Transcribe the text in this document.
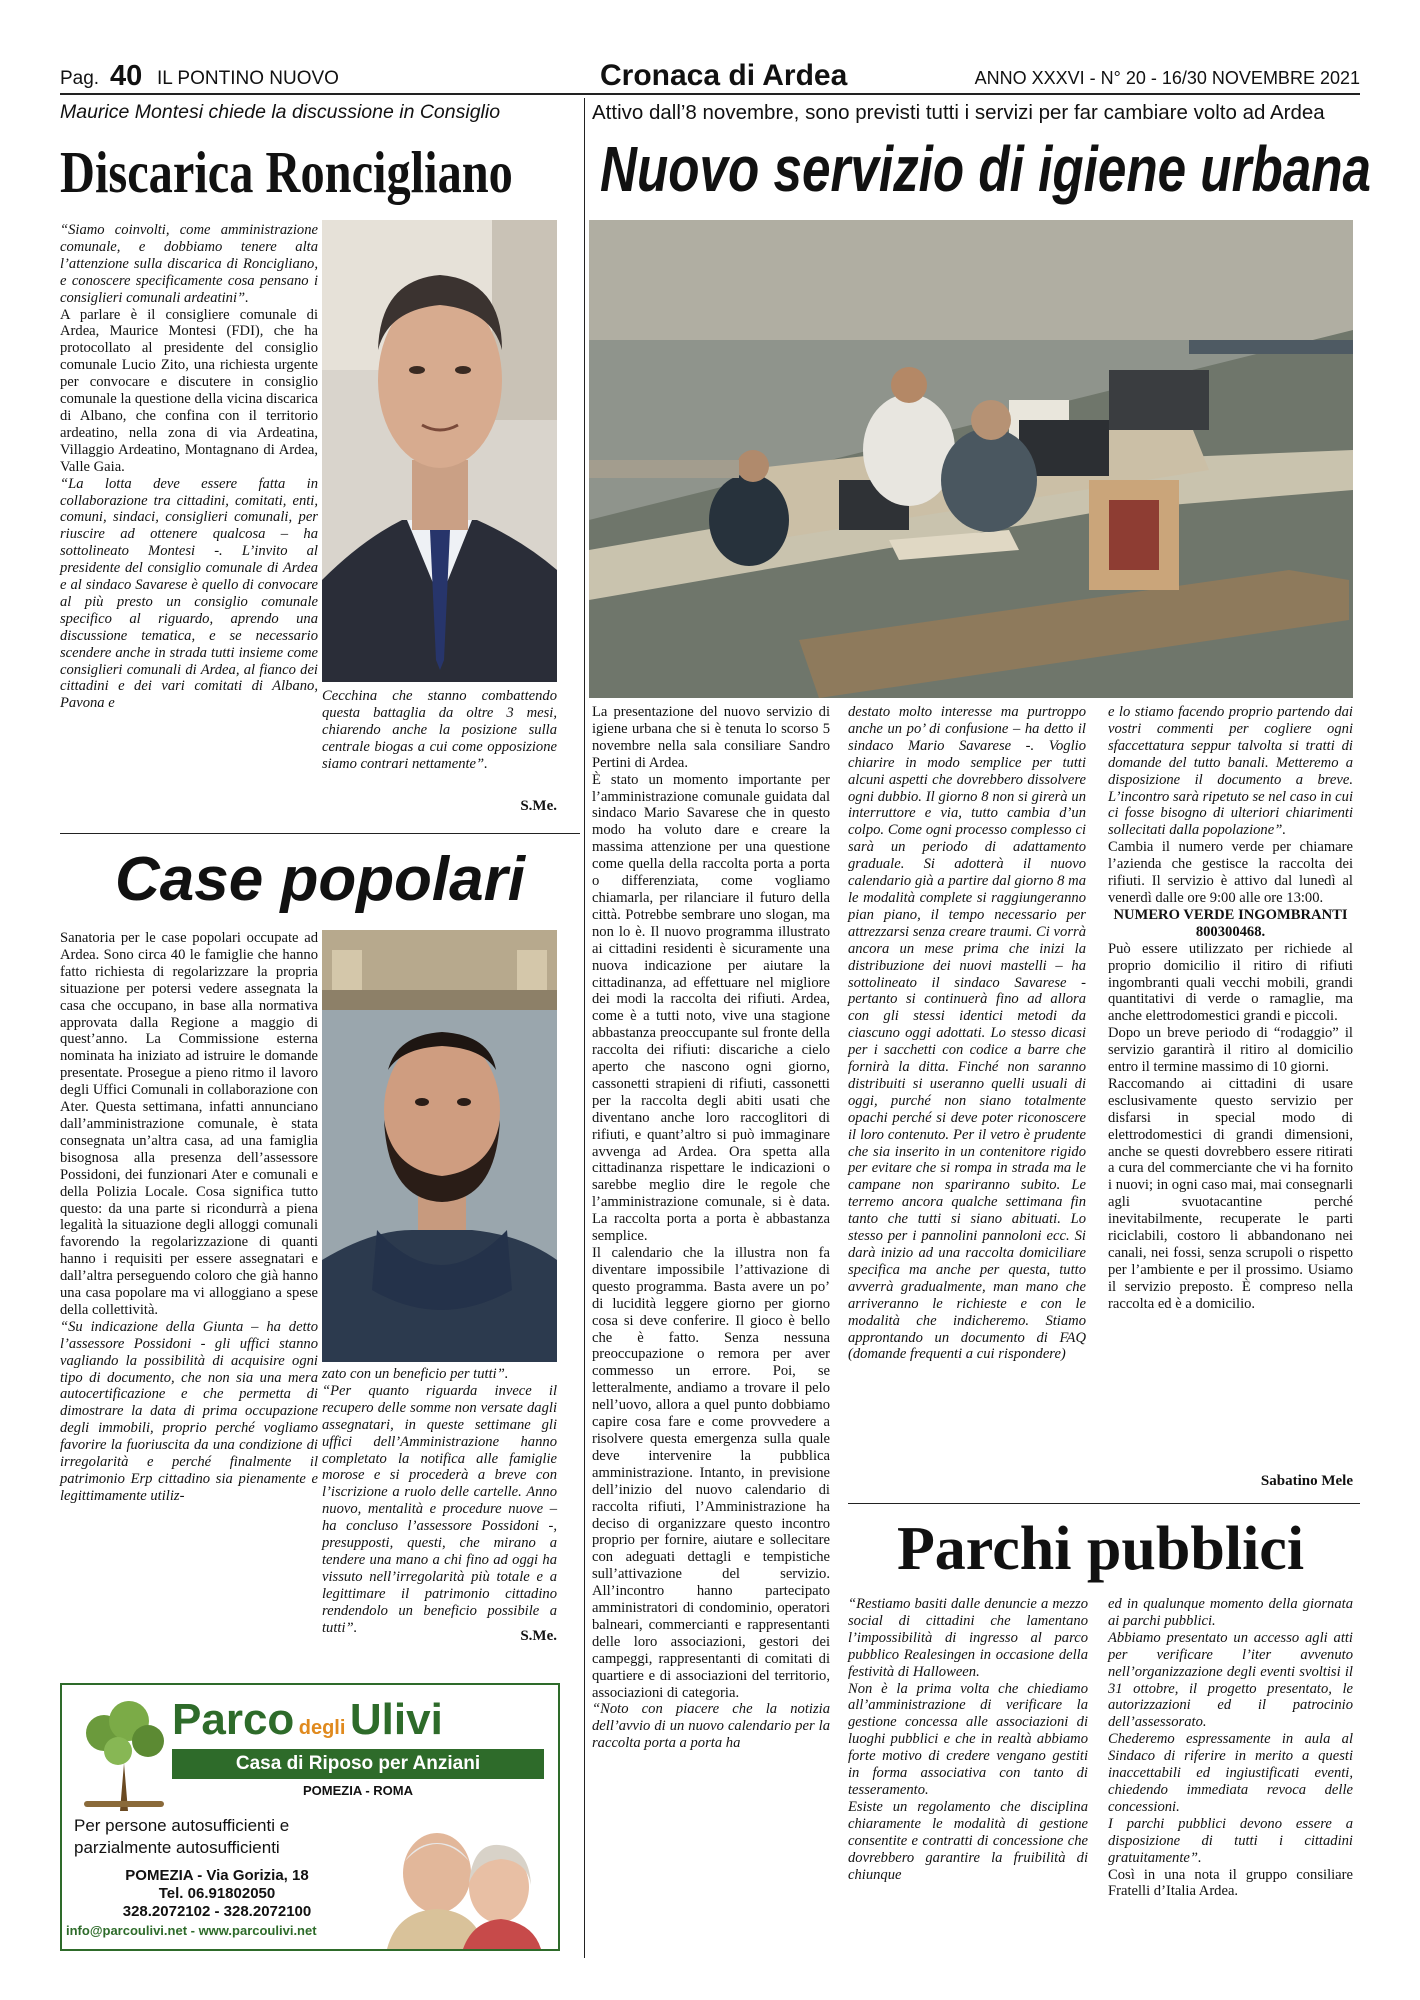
Pag. 40 IL PONTINO NUOVO	Cronaca di Ardea	ANNO XXXVI - N° 20 - 16/30 NOVEMBRE 2021
Maurice Montesi chiede la discussione in Consiglio
Discarica Roncigliano

“Siamo coinvolti, come amministrazione comunale, e dobbiamo tenere alta l’attenzione sulla discarica di Roncigliano, e conoscere specificamente cosa pensano i consiglieri comunali ardeatini”.

A parlare è il consigliere comunale di Ardea, Maurice Montesi (FDI), che ha protocollato al presidente del consiglio comunale Lucio Zito, una richiesta urgente per convocare e discutere in consiglio comunale la questione della vicina discarica di Albano, che confina con il territorio ardeatino, nella zona di via Ardeatina, Villaggio Ardeatino, Montagnano di Ardea, Valle Gaia.

“La lotta deve essere fatta in collaborazione tra cittadini, comitati, enti, comuni, sindaci, consiglieri comunali, per riuscire ad ottenere qualcosa – ha sottolineato Montesi -. L’invito al presidente del consiglio comunale di Ardea e al sindaco Savarese è quello di convocare al più presto un consiglio comunale specifico al riguardo, aprendo una discussione tematica, e se necessario scendere anche in strada tutti insieme come consiglieri comunali di Ardea, al fianco dei cittadini e dei vari comitati di Albano, Pavona e	Cecchina che stanno combattendo questa battaglia da oltre 3 mesi, chiarendo anche la posizione sulla centrale biogas a cui come opposizione siamo contrari nettamente”.

S.Me.
Case popolari

Sanatoria per le case popolari occupate ad Ardea. Sono circa 40 le famiglie che hanno fatto richiesta di regolarizzare la propria situazione per potersi vedere assegnata la casa che occupano, in base alla normativa approvata dalla Regione a maggio di quest’anno. La Commissione esterna nominata ha iniziato ad istruire le domande presentate. Prosegue a pieno ritmo il lavoro degli Uffici Comunali in collaborazione con Ater. Questa settimana, infatti annunciano dall’amministrazione comunale, è stata consegnata un’altra casa, ad una famiglia bisognosa alla presenza dell’assessore Possidoni, dei funzionari Ater e comunali e della Polizia Locale. Cosa significa tutto questo: da una parte si ricondurrà a piena legalità la situazione degli alloggi comunali favorendo la regolarizzazione di quanti hanno i requisiti per essere assegnatari e dall’altra perseguendo coloro che già hanno una casa popolare ma vi alloggiano a spese della collettività.

“Su indicazione della Giunta – ha detto l’assessore Possidoni - gli uffici stanno vagliando la possibilità di acquisire ogni tipo di documento, che non sia una mera autocertificazione e che permetta di dimostrare la data di prima occupazione degli immobili, proprio perché vogliamo favorire la fuoriuscita da una condizione di irregolarità e perché finalmente il patrimonio Erp cittadino sia pienamente e legittimamente utiliz-

zato con un beneficio per tutti”.

“Per quanto riguarda invece il recupero delle somme non versate dagli assegnatari, in queste settimane gli uffici dell’Amministrazione hanno completato la notifica alle famiglie morose e si procederà a breve con l’iscrizione a ruolo delle cartelle. Anno nuovo, mentalità e procedure nuove – ha concluso l’assessore Possidoni -, presupposti, questi, che mirano a tendere una mano a chi fino ad oggi ha vissuto nell’irregolarità più totale e a legittimare il patrimonio cittadino rendendolo un beneficio possibile a tutti”.

S.Me.
Parco degli Ulivi
Casa di Riposo per Anziani
POMEZIA - ROMA
Per persone autosufficienti e parzialmente autosufficienti
POMEZIA - Via Gorizia, 18
Tel. 06.91802050
328.2072102 - 328.2072100
info@parcoulivi.net - www.parcoulivi.net
Attivo dall’8 novembre, sono previsti tutti i servizi per far cambiare volto ad Ardea
Nuovo servizio di igiene urbana

La presentazione del nuovo servizio di igiene urbana che si è tenuta lo scorso 5 novembre nella sala consiliare Sandro Pertini di Ardea.

È stato un momento importante per l’amministrazione comunale guidata dal sindaco Mario Savarese che in questo modo ha voluto dare e creare la massima attenzione per una questione come quella della raccolta porta a porta o differenziata, come vogliamo chiamarla, per rilanciare il futuro della città. Potrebbe sembrare uno slogan, ma non lo è. Il nuovo programma illustrato ai cittadini residenti è sicuramente una nuova indicazione per aiutare la cittadinanza, ad effettuare nel migliore dei modi la raccolta dei rifiuti. Ardea, come è a tutti noto, vive una stagione abbastanza preoccupante sul fronte della raccolta dei rifiuti: discariche a cielo aperto che nascono ogni giorno, cassonetti strapieni di rifiuti, cassonetti per la raccolta degli abiti usati che diventano anche loro raccoglitori di rifiuti, e quant’altro si può immaginare avvenga ad Ardea. Ora spetta alla cittadinanza rispettare le indicazioni o sarebbe meglio dire le regole che l’amministrazione comunale, si è data. La raccolta porta a porta è abbastanza semplice.

Il calendario che la illustra non fa diventare impossibile l’attivazione di questo programma. Basta avere un po’ di lucidità leggere giorno per giorno cosa si deve conferire. Il gioco è bello che è fatto. Senza nessuna preoccupazione o remora per aver commesso un errore. Poi, se letteralmente, andiamo a trovare il pelo nell’uovo, allora a quel punto dobbiamo capire cosa fare e come provvedere a risolvere questa emergenza sulla quale deve intervenire la pubblica amministrazione. Intanto, in previsione dell’inizio del nuovo calendario di raccolta rifiuti, l’Amministrazione ha deciso di organizzare questo incontro proprio per fornire, aiutare e sollecitare con adeguati dettagli e tempistiche sull’attivazione del servizio. All’incontro hanno partecipato amministratori di condominio, operatori balneari, commercianti e rappresentanti delle loro associazioni, gestori dei campeggi, rappresentanti di comitati di quartiere e di associazioni del territorio, associazioni di categoria.

“Noto con piacere che la notizia dell’avvio di un nuovo calendario per la raccolta porta a porta ha

destato molto interesse ma purtroppo anche un po’ di confusione – ha detto il sindaco Mario Savarese -. Voglio chiarire in modo semplice per tutti alcuni aspetti che dovrebbero dissolvere ogni dubbio. Il giorno 8 non si girerà un interruttore e via, tutto cambia d’un colpo. Come ogni processo complesso ci sarà un periodo di adattamento graduale. Si adotterà il nuovo calendario già a partire dal giorno 8 ma le modalità complete si raggiungeranno pian piano, il tempo necessario per attrezzarsi senza creare traumi. Ci vorrà ancora un mese prima che inizi la distribuzione dei nuovi mastelli – ha sottolineato il sindaco Savarese - pertanto si continuerà fino ad allora con gli stessi identici metodi da ciascuno oggi adottati. Lo stesso dicasi per i sacchetti con codice a barre che fornirà la ditta. Finché non saranno distribuiti si useranno quelli usuali di oggi, purché non siano totalmente opachi perché si deve poter riconoscere il loro contenuto. Per il vetro è prudente che sia inserito in un contenitore rigido per evitare che si rompa in strada ma le campane non spariranno subito. Le terremo ancora qualche settimana fin tanto che tutti si siano abituati. Lo stesso per i pannolini pannoloni ecc. Si darà inizio ad una raccolta domiciliare specifica ma anche per questa, tutto avverrà gradualmente, man mano che arriveranno le richieste e con le modalità che indicheremo. Stiamo approntando un documento di FAQ (domande frequenti a cui rispondere)

e lo stiamo facendo proprio partendo dai vostri commenti per cogliere ogni sfaccettatura seppur talvolta si tratti di domande del tutto banali. Metteremo a disposizione il documento a breve. L’incontro sarà ripetuto se nel caso in cui ci fosse bisogno di ulteriori chiarimenti sollecitati dalla popolazione”.

Cambia il numero verde per chiamare l’azienda che gestisce la raccolta dei rifiuti. Il servizio è attivo dal lunedì al venerdì dalle ore 9:00 alle ore 13:00.

NUMERO VERDE INGOMBRANTI

800300468.

Può essere utilizzato per richiede al proprio domicilio il ritiro di rifiuti ingombranti quali vecchi mobili, grandi quantitativi di verde o ramaglie, ma anche elettrodomestici grandi e piccoli.

Dopo un breve periodo di “rodaggio” il servizio garantirà il ritiro al domicilio entro il termine massimo di 10 giorni.

Raccomando ai cittadini di usare esclusivamente questo servizio per disfarsi in special modo di elettrodomestici di grandi dimensioni, anche se questi dovrebbero essere ritirati a cura del commerciante che vi ha fornito i nuovi; in ogni caso mai, mai consegnarli agli svuotacantine perché inevitabilmente, recuperate le parti riciclabili, costoro li abbandonano nei canali, nei fossi, senza scrupoli o rispetto per l’ambiente e per il prossimo. Usiamo il servizio preposto. È compreso nella raccolta ed è a domicilio.

Sabatino Mele
Parchi pubblici

“Restiamo basiti dalle denuncie a mezzo social di cittadini che lamentano l’impossibilità di ingresso al parco pubblico Realesingen in occasione della festività di Halloween.

Non è la prima volta che chiediamo all’amministrazione di verificare la gestione concessa alle associazioni di luoghi pubblici e che in realtà abbiamo forte motivo di credere vengano gestiti in forma associativa con tanto di tesseramento.

Esiste un regolamento che disciplina chiaramente le modalità di gestione consentite e contratti di concessione che dovrebbero garantire la fruibilità di chiunque

ed in qualunque momento della giornata ai parchi pubblici.

Abbiamo presentato un accesso agli atti per verificare l’iter avvenuto nell’organizzazione degli eventi svoltisi il 31 ottobre, il progetto presentato, le autorizzazioni ed il patrocinio dell’assessorato.

Chederemo espressamente in aula al Sindaco di riferire in merito a questi inaccettabili ed ingiustificati eventi, chiedendo immediata revoca delle concessioni.

I parchi pubblici devono essere a disposizione di tutti i cittadini gratuitamente”.

Così in una nota il gruppo consiliare Fratelli d’Italia Ardea.
